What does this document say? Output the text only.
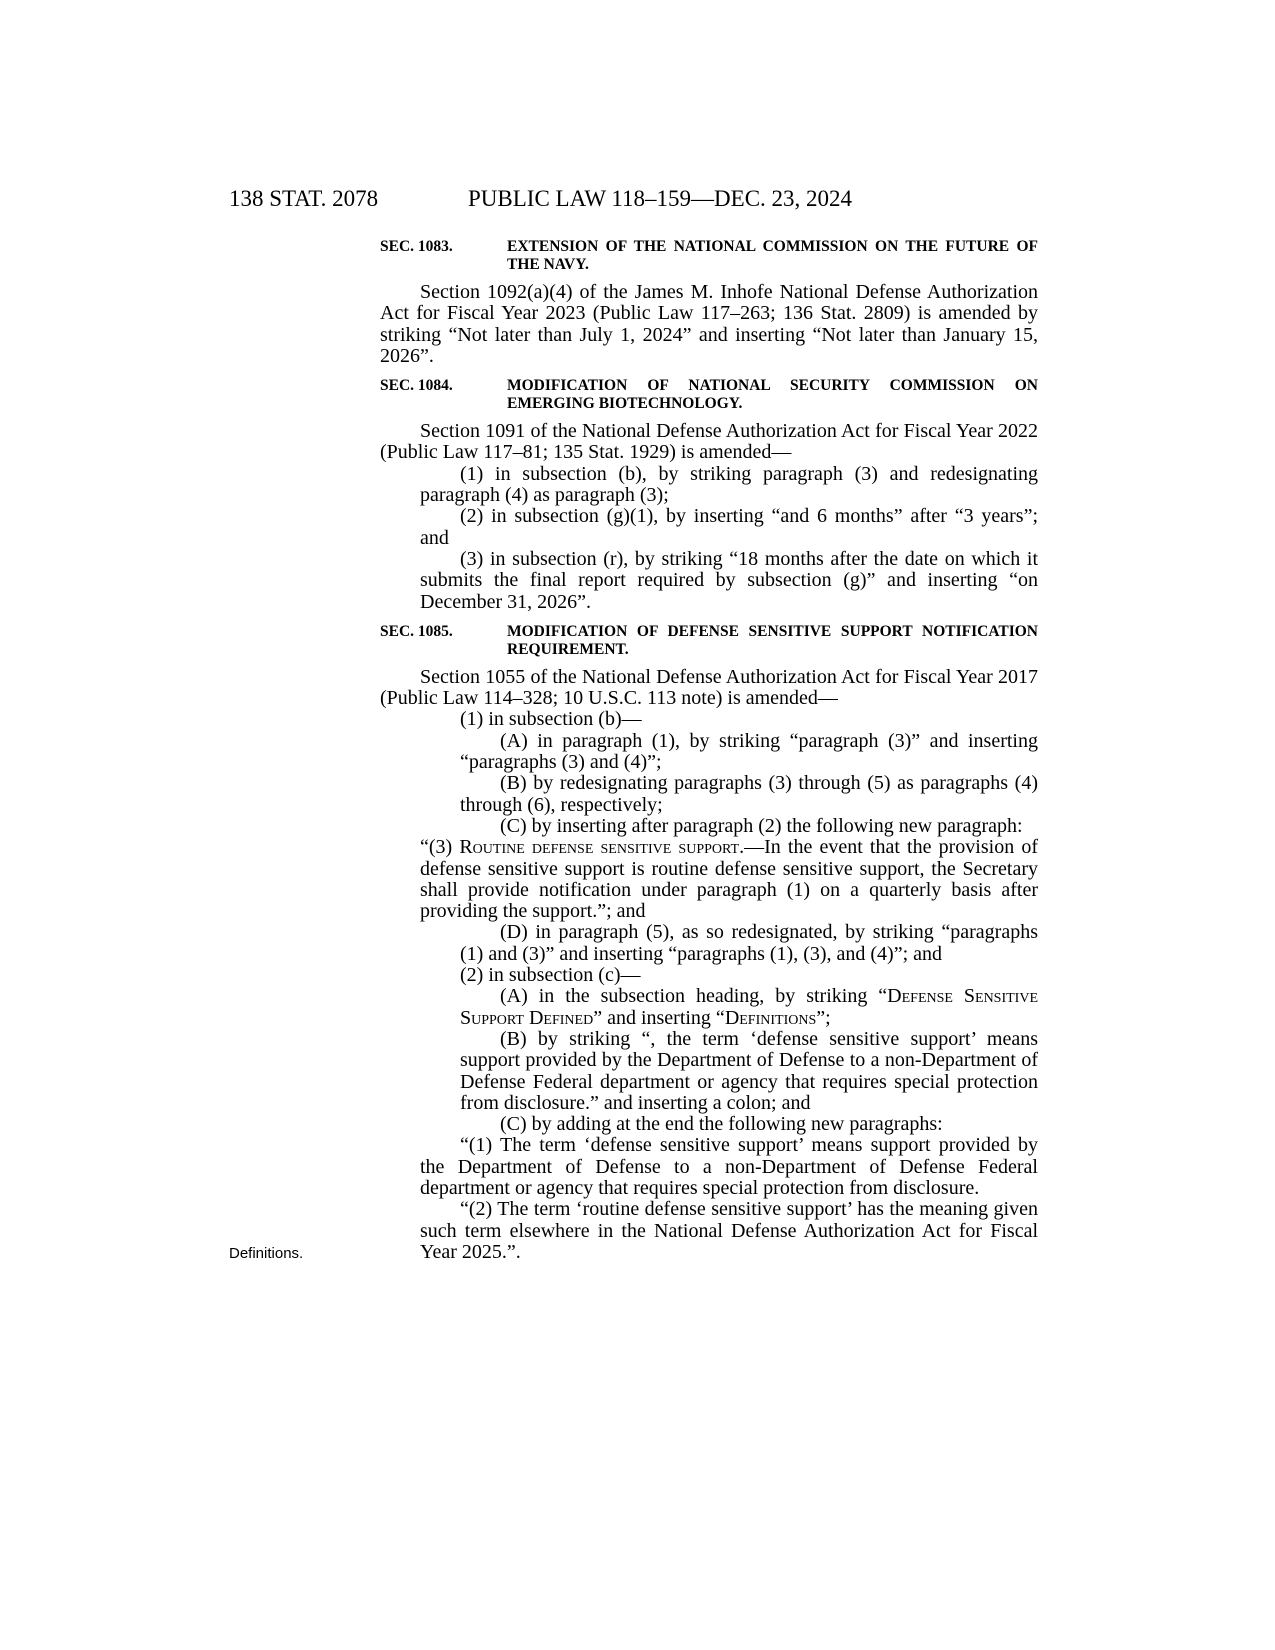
138 STAT. 2078	PUBLIC LAW 118–159—DEC. 23, 2024
Definitions.
SEC. 1083.	EXTENSION OF THE NATIONAL COMMISSION ON THE FUTURE OF THE NAVY.

Section 1092(a)(4) of the James M. Inhofe National Defense Authorization Act for Fiscal Year 2023 (Public Law 117–263; 136 Stat. 2809) is amended by striking “Not later than July 1, 2024” and inserting “Not later than January 15, 2026”.

SEC. 1084.	MODIFICATION OF NATIONAL SECURITY COMMISSION ON EMERGING BIOTECHNOLOGY.

Section 1091 of the National Defense Authorization Act for Fiscal Year 2022 (Public Law 117–81; 135 Stat. 1929) is amended—

(1) in subsection (b), by striking paragraph (3) and redesignating paragraph (4) as paragraph (3);

(2) in subsection (g)(1), by inserting “and 6 months” after “3 years”; and

(3) in subsection (r), by striking “18 months after the date on which it submits the final report required by subsection (g)” and inserting “on December 31, 2026”.

SEC. 1085.	MODIFICATION OF DEFENSE SENSITIVE SUPPORT NOTIFICATION REQUIREMENT.

Section 1055 of the National Defense Authorization Act for Fiscal Year 2017 (Public Law 114–328; 10 U.S.C. 113 note) is amended—

(1) in subsection (b)—

(A) in paragraph (1), by striking “paragraph (3)” and inserting “paragraphs (3) and (4)”;

(B) by redesignating paragraphs (3) through (5) as paragraphs (4) through (6), respectively;

(C) by inserting after paragraph (2) the following new paragraph:

“(3) Routine defense sensitive support.—In the event that the provision of defense sensitive support is routine defense sensitive support, the Secretary shall provide notification under paragraph (1) on a quarterly basis after providing the support.”; and

(D) in paragraph (5), as so redesignated, by striking “paragraphs (1) and (3)” and inserting “paragraphs (1), (3), and (4)”; and

(2) in subsection (c)—

(A) in the subsection heading, by striking “Defense Sensitive Support Defined” and inserting “Definitions”;

(B) by striking “, the term ‘defense sensitive support’ means support provided by the Department of Defense to a non-Department of Defense Federal department or agency that requires special protection from disclosure.” and inserting a colon; and

(C) by adding at the end the following new paragraphs:

“(1) The term ‘defense sensitive support’ means support provided by the Department of Defense to a non-Department of Defense Federal department or agency that requires special protection from disclosure.

“(2) The term ‘routine defense sensitive support’ has the meaning given such term elsewhere in the National Defense Authorization Act for Fiscal Year 2025.”.
